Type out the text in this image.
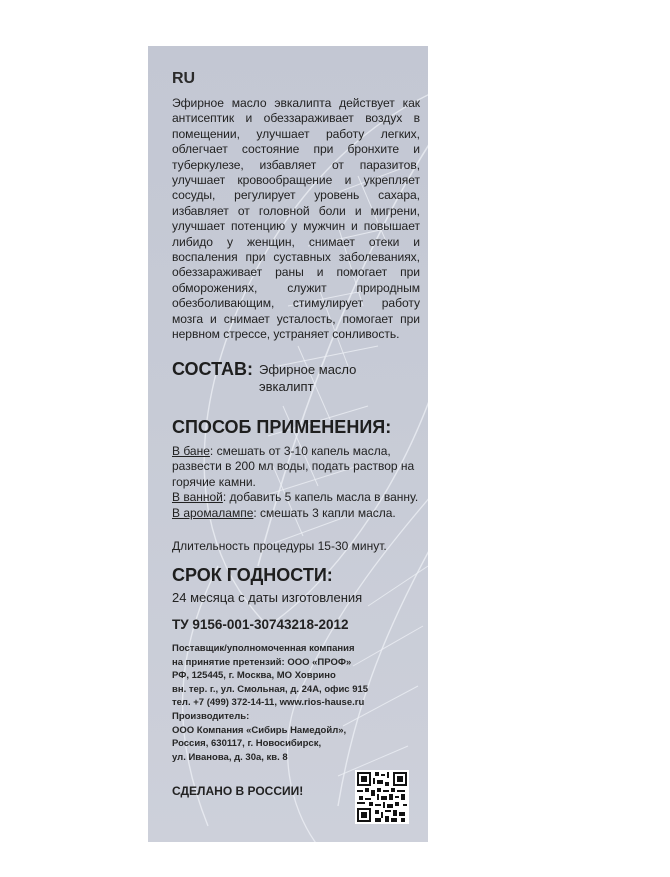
RU

Эфирное масло эвкалипта действует как антисептик и обеззараживает воздух в помещении, улучшает работу легких, облегчает состояние при бронхите и туберкулезе, избавляет от паразитов, улучшает кровообращение и укрепляет сосуды, регулирует уровень сахара, избавляет от головной боли и мигрени, улучшает потенцию у мужчин и повышает либидо у женщин, снимает отеки и воспаления при суставных заболеваниях, обеззараживает раны и помогает при обморожениях, служит природным обезболивающим, стимулирует работу мозга и снимает усталость, помогает при нервном стрессе, устраняет сонливость.

СОСТАВ: Эфирное масло
эвкалипт
СПОСОБ ПРИМЕНЕНИЯ:
В бане: смешать от 3-10 капель масла, развести в 200 мл воды, подать раствор на горячие камни.
В ванной: добавить 5 капель масла в ванну.
В аромалампе: смешать 3 капли масла.
Длительность процедуры 15-30 минут.
СРОК ГОДНОСТИ:
24 месяца с даты изготовления
ТУ 9156-001-30743218-2012
Поставщик/уполномоченная компания
на принятие претензий: ООО «ПРОФ»
РФ, 125445, г. Москва, МО Ховрино
вн. тер. г., ул. Смольная, д. 24А, офис 915
тел. +7 (499) 372-14-11, www.rios-hause.ru
Производитель:
ООО Компания «Сибирь Намедойл»,
Россия, 630117, г. Новосибирск,
ул. Иванова, д. 30а, кв. 8
СДЕЛАНО В РОССИИ!
